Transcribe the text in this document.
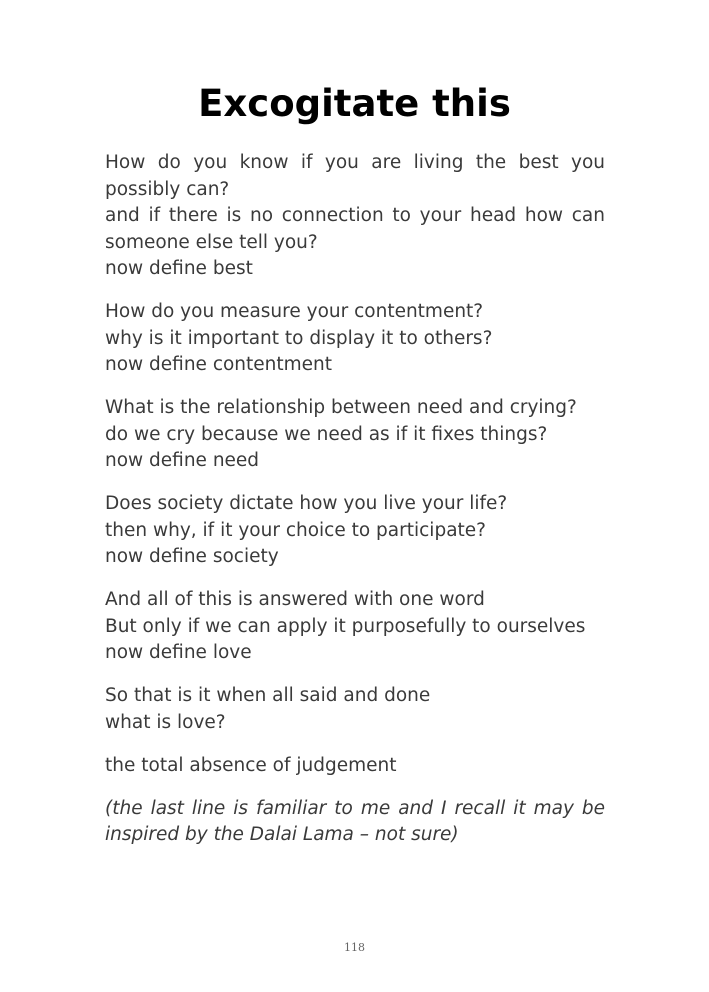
Excogitate this

How do you know if you are living the best you possibly can?
and if there is no connection to your head how can someone else tell you?
now define best

How do you measure your contentment?
why is it important to display it to others?
now define contentment

What is the relationship between need and crying?
do we cry because we need as if it fixes things?
now define need

Does society dictate how you live your life?
then why, if it your choice to participate?
now define society

And all of this is answered with one word
But only if we can apply it purposefully to ourselves
now define love

So that is it when all said and done
what is love?

the total absence of judgement

(the last line is familiar to me and I recall it may be inspired by the Dalai Lama – not sure)

118
